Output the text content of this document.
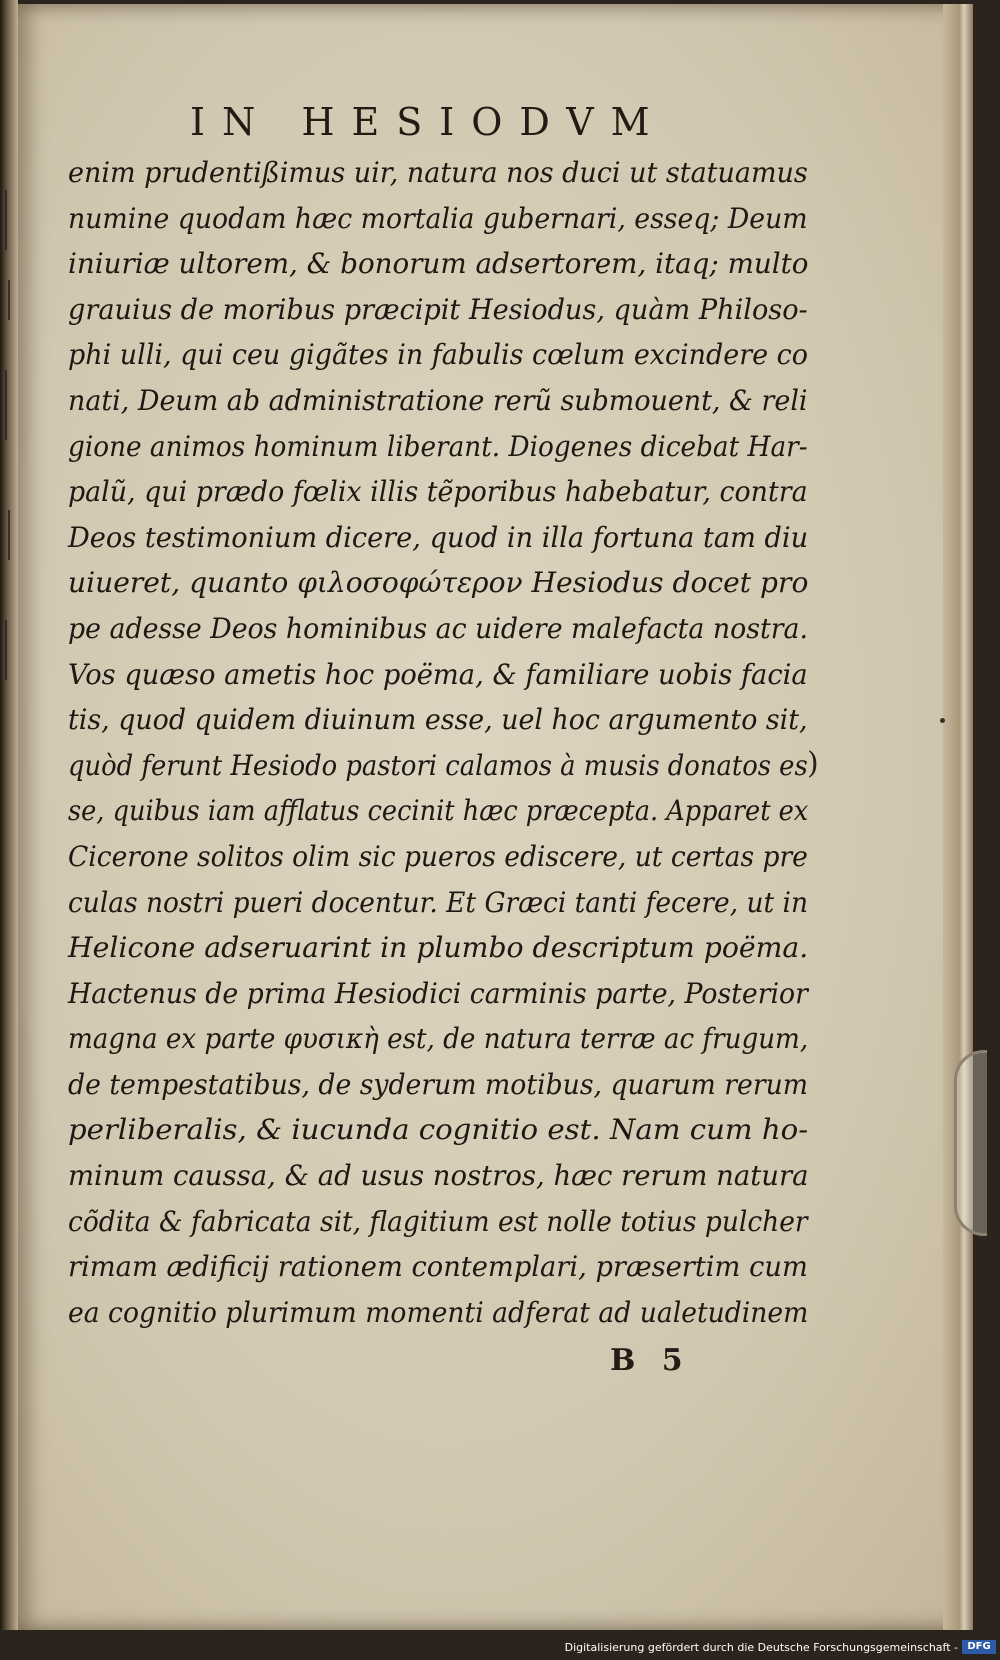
IN HESIODVM
enim prudentißimus uir, natura nos duci ut statuamus
numine quodam hæc mortalia gubernari, esseq; Deum
iniuriæ ultorem, & bonorum adsertorem, itaq; multo
grauius de moribus præcipit Hesiodus, quàm Philoso-
phi ulli, qui ceu gigãtes in fabulis cœlum excindere co
nati, Deum ab administratione rerũ submouent, & reli
gione animos hominum liberant. Diogenes dicebat Har-
palũ, qui prædo fœlix illis tẽporibus habebatur, contra
Deos testimonium dicere, quod in illa fortuna tam diu
uiueret, quanto φιλοσοφώτερον Hesiodus docet pro
pe adesse Deos hominibus ac uidere malefacta nostra.
Vos quæso ametis hoc poëma, & familiare uobis facia
tis, quod quidem diuinum esse, uel hoc argumento sit,
quòd ferunt Hesiodo pastori calamos à musis donatos es
se, quibus iam afflatus cecinit hæc præcepta. Apparet ex
Cicerone solitos olim sic pueros ediscere, ut certas pre
culas nostri pueri docentur. Et Græci tanti fecere, ut in
Helicone adseruarint in plumbo descriptum poëma.
Hactenus de prima Hesiodici carminis parte, Posterior
magna ex parte φυσικὴ est, de natura terræ ac frugum,
de tempestatibus, de syderum motibus, quarum rerum
perliberalis, & iucunda cognitio est. Nam cum ho-
minum caussa, & ad usus nostros, hæc rerum natura
cõdita & fabricata sit, flagitium est nolle totius pulcher
rimam ædificij rationem contemplari, præsertim cum
ea cognitio plurimum momenti adferat ad ualetudinem
)
B 5
Digitalisierung gefördert durch die Deutsche Forschungsgemeinschaft - DFG
